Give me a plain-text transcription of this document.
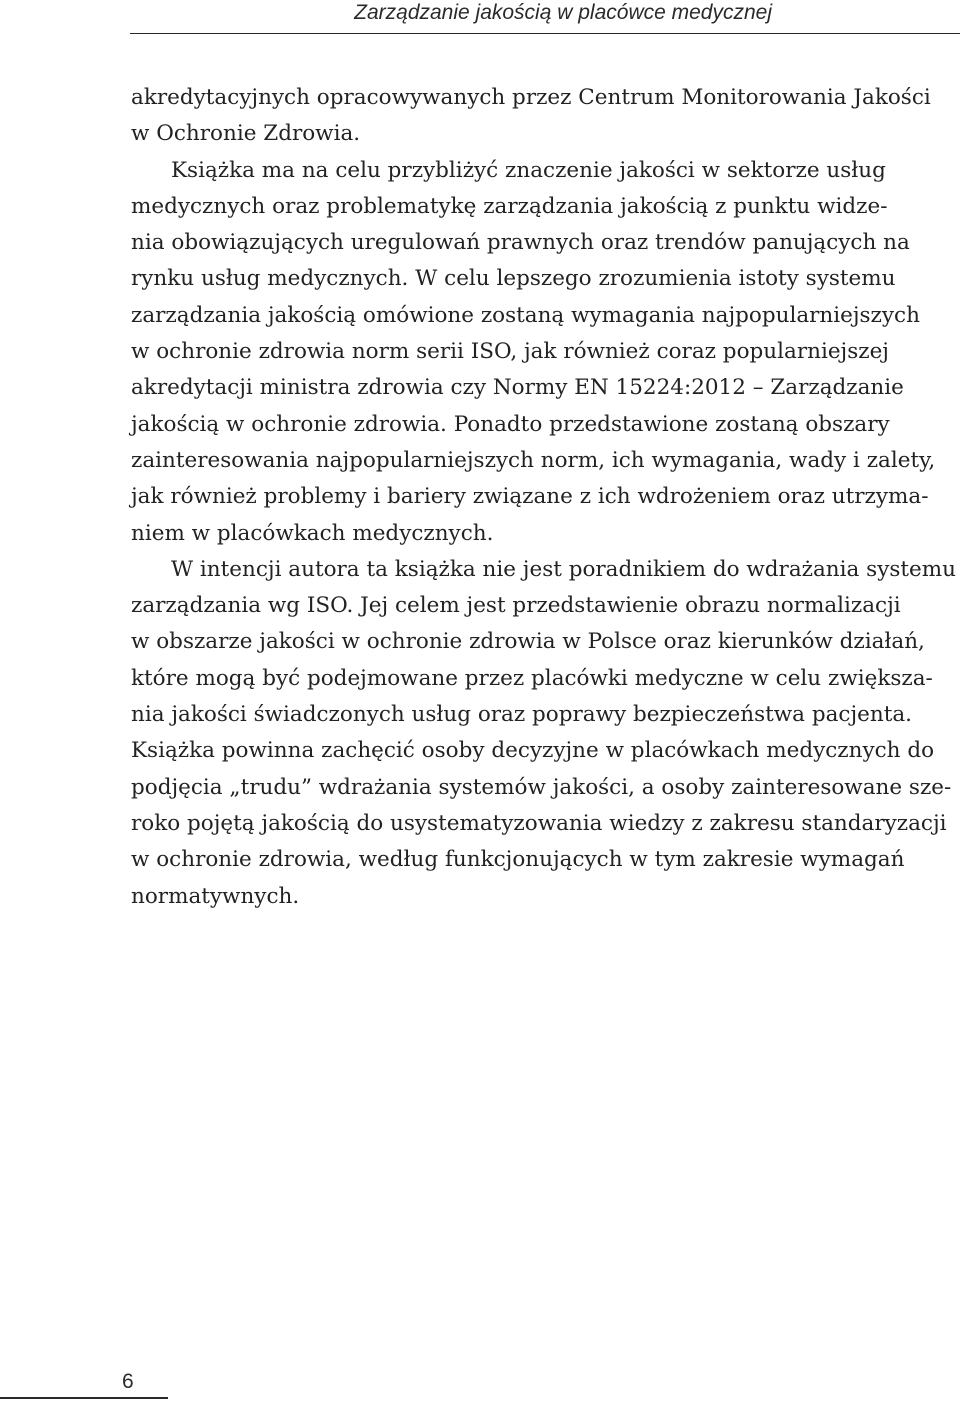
Zarządzanie jakością w placówce medycznej

akredytacyjnych opracowywanych przez Centrum Monitorowania Jakości
w Ochronie Zdrowia.

Książka ma na celu przybliżyć znaczenie jakości w sektorze usług
medycznych oraz problematykę zarządzania jakością z punktu widze-
nia obowiązujących uregulowań prawnych oraz trendów panujących na
rynku usług medycznych. W celu lepszego zrozumienia istoty systemu
zarządzania jakością omówione zostaną wymagania najpopularniejszych
w ochronie zdrowia norm serii ISO, jak również coraz popularniejszej
akredytacji ministra zdrowia czy Normy EN 15224:2012 – Zarządzanie
jakością w ochronie zdrowia. Ponadto przedstawione zostaną obszary
zainteresowania najpopularniejszych norm, ich wymagania, wady i zalety,
jak również problemy i bariery związane z ich wdrożeniem oraz utrzyma-
niem w placówkach medycznych.

W intencji autora ta książka nie jest poradnikiem do wdrażania systemu
zarządzania wg ISO. Jej celem jest przedstawienie obrazu normalizacji
w obszarze jakości w ochronie zdrowia w Polsce oraz kierunków działań,
które mogą być podejmowane przez placówki medyczne w celu zwiększa-
nia jakości świadczonych usług oraz poprawy bezpieczeństwa pacjenta.
Książka powinna zachęcić osoby decyzyjne w placówkach medycznych do
podjęcia „trudu” wdrażania systemów jakości, a osoby zainteresowane sze-
roko pojętą jakością do usystematyzowania wiedzy z zakresu standaryzacji
w ochronie zdrowia, według funkcjonujących w tym zakresie wymagań
normatywnych.

6
